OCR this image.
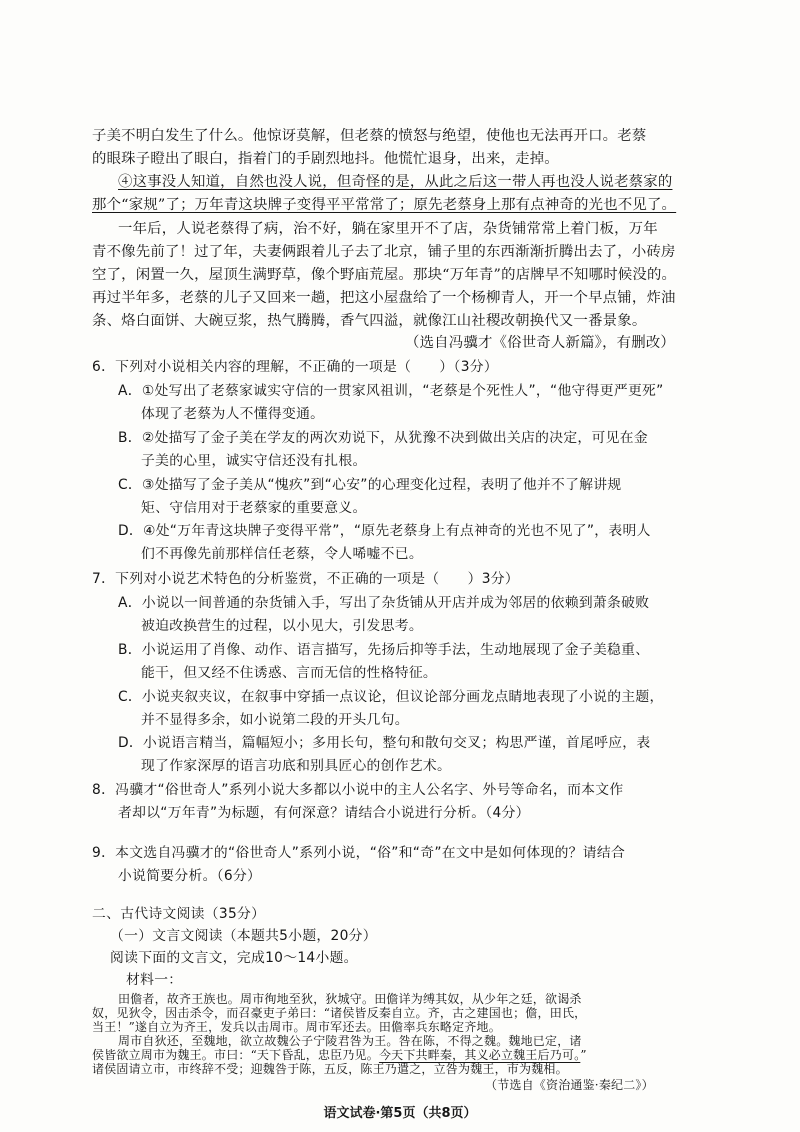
子美不明白发生了什么。他惊讶莫解，但老蔡的愤怒与绝望，使他也无法再开口。老蔡
的眼珠子瞪出了眼白，指着门的手剧烈地抖。他慌忙退身，出来，走掉。
④这事没人知道，自然也没人说，但奇怪的是，从此之后这一带人再也没人说老蔡家的
那个“家规”了；万年青这块牌子变得平平常常了；原先老蔡身上那有点神奇的光也不见了。
一年后，人说老蔡得了病，治不好，躺在家里开不了店，杂货铺常常上着门板，万年
青不像先前了！过了年，夫妻俩跟着儿子去了北京，铺子里的东西渐渐折腾出去了，小砖房
空了，闲置一久，屋顶生满野草，像个野庙荒屋。那块“万年青”的店牌早不知哪时候没的。
再过半年多，老蔡的儿子又回来一趟，把这小屋盘给了一个杨柳青人，开一个早点铺，炸油
条、烙白面饼、大碗豆浆，热气腾腾，香气四溢，就像江山社稷改朝换代又一番景象。
（选自冯骥才《俗世奇人新篇》，有删改）
6．下列对小说相关内容的理解，不正确的一项是（　　）（3分）
A．①处写出了老蔡家诚实守信的一贯家风祖训，“老蔡是个死性人”，“他守得更严更死”
体现了老蔡为人不懂得变通。
B．②处描写了金子美在学友的两次劝说下，从犹豫不决到做出关店的决定，可见在金
子美的心里，诚实守信还没有扎根。
C．③处描写了金子美从“愧疚”到“心安”的心理变化过程，表明了他并不了解讲规
矩、守信用对于老蔡家的重要意义。
D．④处“万年青这块牌子变得平常”，“原先老蔡身上有点神奇的光也不见了”，表明人
们不再像先前那样信任老蔡，令人唏嘘不已。
7．下列对小说艺术特色的分析鉴赏，不正确的一项是（　　）3分）
A．小说以一间普通的杂货铺入手，写出了杂货铺从开店并成为邻居的依赖到萧条破败
被迫改换营生的过程，以小见大，引发思考。
B．小说运用了肖像、动作、语言描写，先扬后抑等手法，生动地展现了金子美稳重、
能干，但又经不住诱惑、言而无信的性格特征。
C．小说夹叙夹议，在叙事中穿插一点议论，但议论部分画龙点睛地表现了小说的主题，
并不显得多余，如小说第二段的开头几句。
D．小说语言精当，篇幅短小；多用长句，整句和散句交叉；构思严谨，首尾呼应，表
现了作家深厚的语言功底和别具匠心的创作艺术。
8．冯骥才“俗世奇人”系列小说大多都以小说中的主人公名字、外号等命名，而本文作
者却以“万年青”为标题，有何深意？请结合小说进行分析。（4分）
9．本文选自冯骥才的“俗世奇人”系列小说，“俗”和“奇”在文中是如何体现的？请结合
小说简要分析。（6分）
二、古代诗文阅读（35分）
（一）文言文阅读（本题共5小题，20分）
阅读下面的文言文，完成10～14小题。
材料一：
语文试卷·第5页（共8页）
田儋者，故齐王族也。周市徇地至狄，狄城守。田儋详为缚其奴，从少年之廷，欲谒杀
奴，见狄令，因击杀令，而召豪吏子弟曰：“诸侯皆反秦自立。齐，古之建国也；儋，田氏，
当王！”遂自立为齐王，发兵以击周市。周市军还去。田儋率兵东略定齐地。
周市自狄还，至魏地，欲立故魏公子宁陵君咎为王。咎在陈，不得之魏。魏地已定，诸
侯皆欲立周市为魏王。市曰：“天下昏乱，忠臣乃见。今天下共畔秦，其义必立魏王后乃可。”
诸侯固请立市，市终辞不受；迎魏咎于陈，五反，陈王乃遣之，立咎为魏王，市为魏相。
（节选自《资治通鉴·秦纪二》）
